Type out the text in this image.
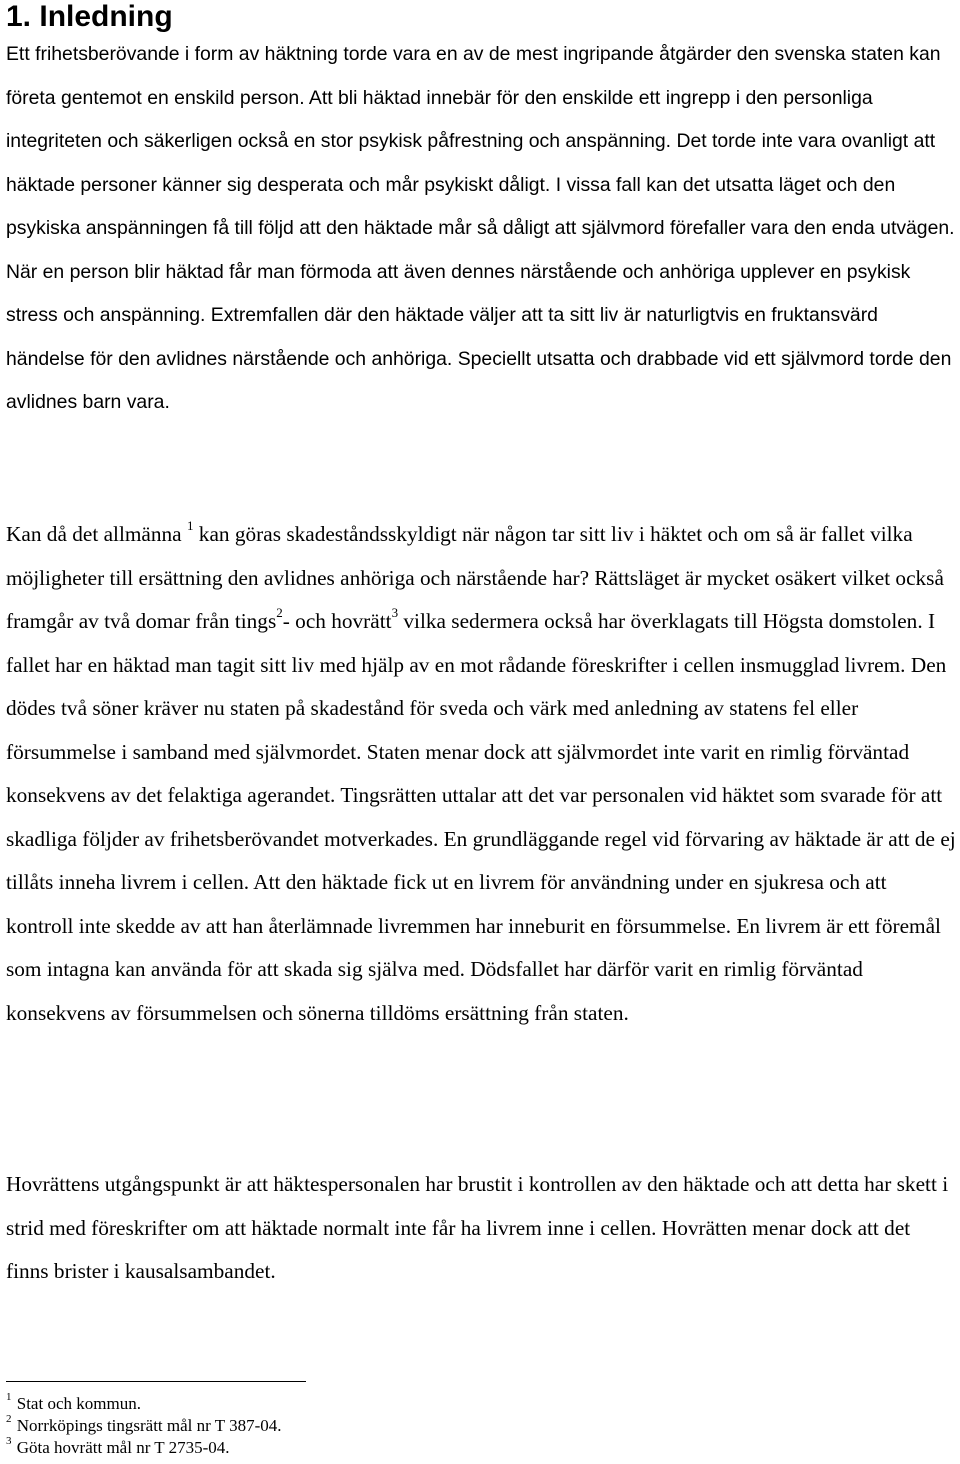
1. Inledning

Ett frihetsberövande i form av häktning torde vara en av de mest ingripande åtgärder den svenska staten kan företa gentemot en enskild person. Att bli häktad innebär för den enskilde ett ingrepp i den personliga integriteten och säkerligen också en stor psykisk påfrestning och anspänning. Det torde inte vara ovanligt att häktade personer känner sig desperata och mår psykiskt dåligt. I vissa fall kan det utsatta läget och den psykiska anspänningen få till följd att den häktade mår så dåligt att självmord förefaller vara den enda utvägen. När en person blir häktad får man förmoda att även dennes närstående och anhöriga upplever en psykisk stress och anspänning. Extremfallen där den häktade väljer att ta sitt liv är naturligtvis en fruktansvärd händelse för den avlidnes närstående och anhöriga. Speciellt utsatta och drabbade vid ett självmord torde den avlidnes barn vara.

Kan då det allmänna $^1$ kan göras skadeståndsskyldigt när någon tar sitt liv i häktet och om så är fallet vilka möjligheter till ersättning den avlidnes anhöriga och närstående har? Rättsläget är mycket osäkert vilket också framgår av två domar från tings$^2$- och hovrätt$^3$ vilka sedermera också har överklagats till Högsta domstolen. I fallet har en häktad man tagit sitt liv med hjälp av en mot rådande föreskrifter i cellen insmugglad livrem. Den dödes två söner kräver nu staten på skadestånd för sveda och värk med anledning av statens fel eller försummelse i samband med självmordet. Staten menar dock att självmordet inte varit en rimlig förväntad konsekvens av det felaktiga agerandet. Tingsrätten uttalar att det var personalen vid häktet som svarade för att skadliga följder av frihetsberövandet motverkades. En grundläggande regel vid förvaring av häktade är att de ej tillåts inneha livrem i cellen. Att den häktade fick ut en livrem för användning under en sjukresa och att kontroll inte skedde av att han återlämnade livremmen har inneburit en försummelse. En livrem är ett föremål som intagna kan använda för att skada sig själva med. Dödsfallet har därför varit en rimlig förväntad konsekvens av försummelsen och sönerna tilldöms ersättning från staten.

Hovrättens utgångspunkt är att häktespersonalen har brustit i kontrollen av den häktade och att detta har skett i strid med föreskrifter om att häktade normalt inte får ha livrem inne i cellen. Hovrätten menar dock att det finns brister i kausalsambandet.

$^1$ Stat och kommun.
$^2$ Norrköpings tingsrätt mål nr T 387-04.
$^3$ Göta hovrätt mål nr T 2735-04.
